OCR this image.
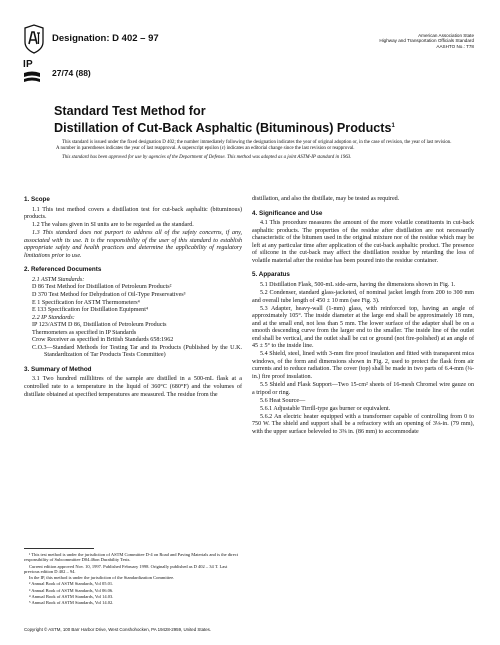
IP
Designation: D 402 – 97
27/74 (88)
American Association State
Highway and Transportation Officials Standard
AASHTO No.: T78
Standard Test Method for
Distillation of Cut-Back Asphaltic (Bituminous) Products$^1$

This standard is issued under the fixed designation D 402; the number immediately following the designation indicates the year of original adoption or, in the case of revision, the year of last revision. A number in parentheses indicates the year of last reapproval. A superscript epsilon (ε) indicates an editorial change since the last revision or reapproval.

This standard has been approved for use by agencies of the Department of Defense. This method was adopted as a joint ASTM-IP standard in 1963.

1. Scope

1.1 This test method covers a distillation test for cut-back asphaltic (bituminous) products.

1.2 The values given in SI units are to be regarded as the standard.

1.3 This standard does not purport to address all of the safety concerns, if any, associated with its use. It is the responsibility of the user of this standard to establish appropriate safety and health practices and determine the applicability of regulatory limitations prior to use.

2. Referenced Documents

2.1 ASTM Standards:

D 86 Test Method for Distillation of Petroleum Products²

D 370 Test Method for Dehydration of Oil-Type Preservatives³

E 1 Specification for ASTM Thermometers⁴

E 133 Specification for Distillation Equipment⁴

2.2 IP Standards:

IP 123/ASTM D 86, Distillation of Petroleum Products

Thermometers as specified in IP Standards

Crow Receiver as specified in British Standards 658:1962

C.O.3—Standard Methods for Testing Tar and its Products (Published by the U.K. Standardization of Tar Products Tests Committee)

3. Summary of Method

3.1 Two hundred millilitres of the sample are distilled in a 500-mL flask at a controlled rate to a temperature in the liquid of 360°C (680°F) and the volumes of distillate obtained at specified temperatures are measured. The residue from the

¹ This test method is under the jurisdiction of ASTM Committee D-4 on Road and Paving Materials and is the direct responsibility of Subcommittee D04.46on Durability Tests.

Current edition approved Nov. 10, 1997. Published February 1998. Originally published as D 402 – 34 T. Last previous edition D 402 – 94.

In the IP, this method is under the jurisdiction of the Standardization Committee.

² Annual Book of ASTM Standards, Vol 05.01.

³ Annual Book of ASTM Standards, Vol 06.06.

⁴ Annual Book of ASTM Standards, Vol 14.03.

⁵ Annual Book of ASTM Standards, Vol 14.02.

distillation, and also the distillate, may be tested as required.

4. Significance and Use

4.1 This procedure measures the amount of the more volatile constituents in cut-back asphaltic products. The properties of the residue after distillation are not necessarily characteristic of the bitumen used in the original mixture nor of the residue which may be left at any particular time after application of the cut-back asphaltic product. The presence of silicone in the cut-back may affect the distillation residue by retarding the loss of volatile material after the residue has been poured into the residue container.

5. Apparatus

5.1 Distillation Flask, 500-mL side-arm, having the dimensions shown in Fig. 1.

5.2 Condenser, standard glass-jacketed, of nominal jacket length from 200 to 300 mm and overall tube length of 450 ± 10 mm (see Fig. 3).

5.3 Adapter, heavy-wall (1-mm) glass, with reinforced top, having an angle of approximately 105°. The inside diameter at the large end shall be approximately 18 mm, and at the small end, not less than 5 mm. The lower surface of the adapter shall be on a smooth descending curve from the larger end to the smaller. The inside line of the outlet end shall be vertical, and the outlet shall be cut or ground (not fire-polished) at an angle of 45 ± 5° to the inside line.

5.4 Shield, steel, lined with 3-mm fire proof insulation and fitted with transparent mica windows, of the form and dimensions shown in Fig. 2, used to protect the flask from air currents and to reduce radiation. The cover (top) shall be made in two parts of 6.4-mm (¼-in.) fire proof insulation.

5.5 Shield and Flask Support—Two 15-cm² sheets of 16-mesh Chromel wire gauze on a tripod or ring.

5.6 Heat Source—

5.6.1 Adjustable Tirrill-type gas burner or equivalent.

5.6.2 An electric heater equipped with a transformer capable of controlling from 0 to 750 W. The shield and support shall be a refractory with an opening of 3⅛-in. (79 mm), with the upper surface beleveled to 3⅜ in. (86 mm) to accommodate

Copyright © ASTM, 100 Barr Harbor Drive, West Conshohocken, PA 19428-2959, United States.
